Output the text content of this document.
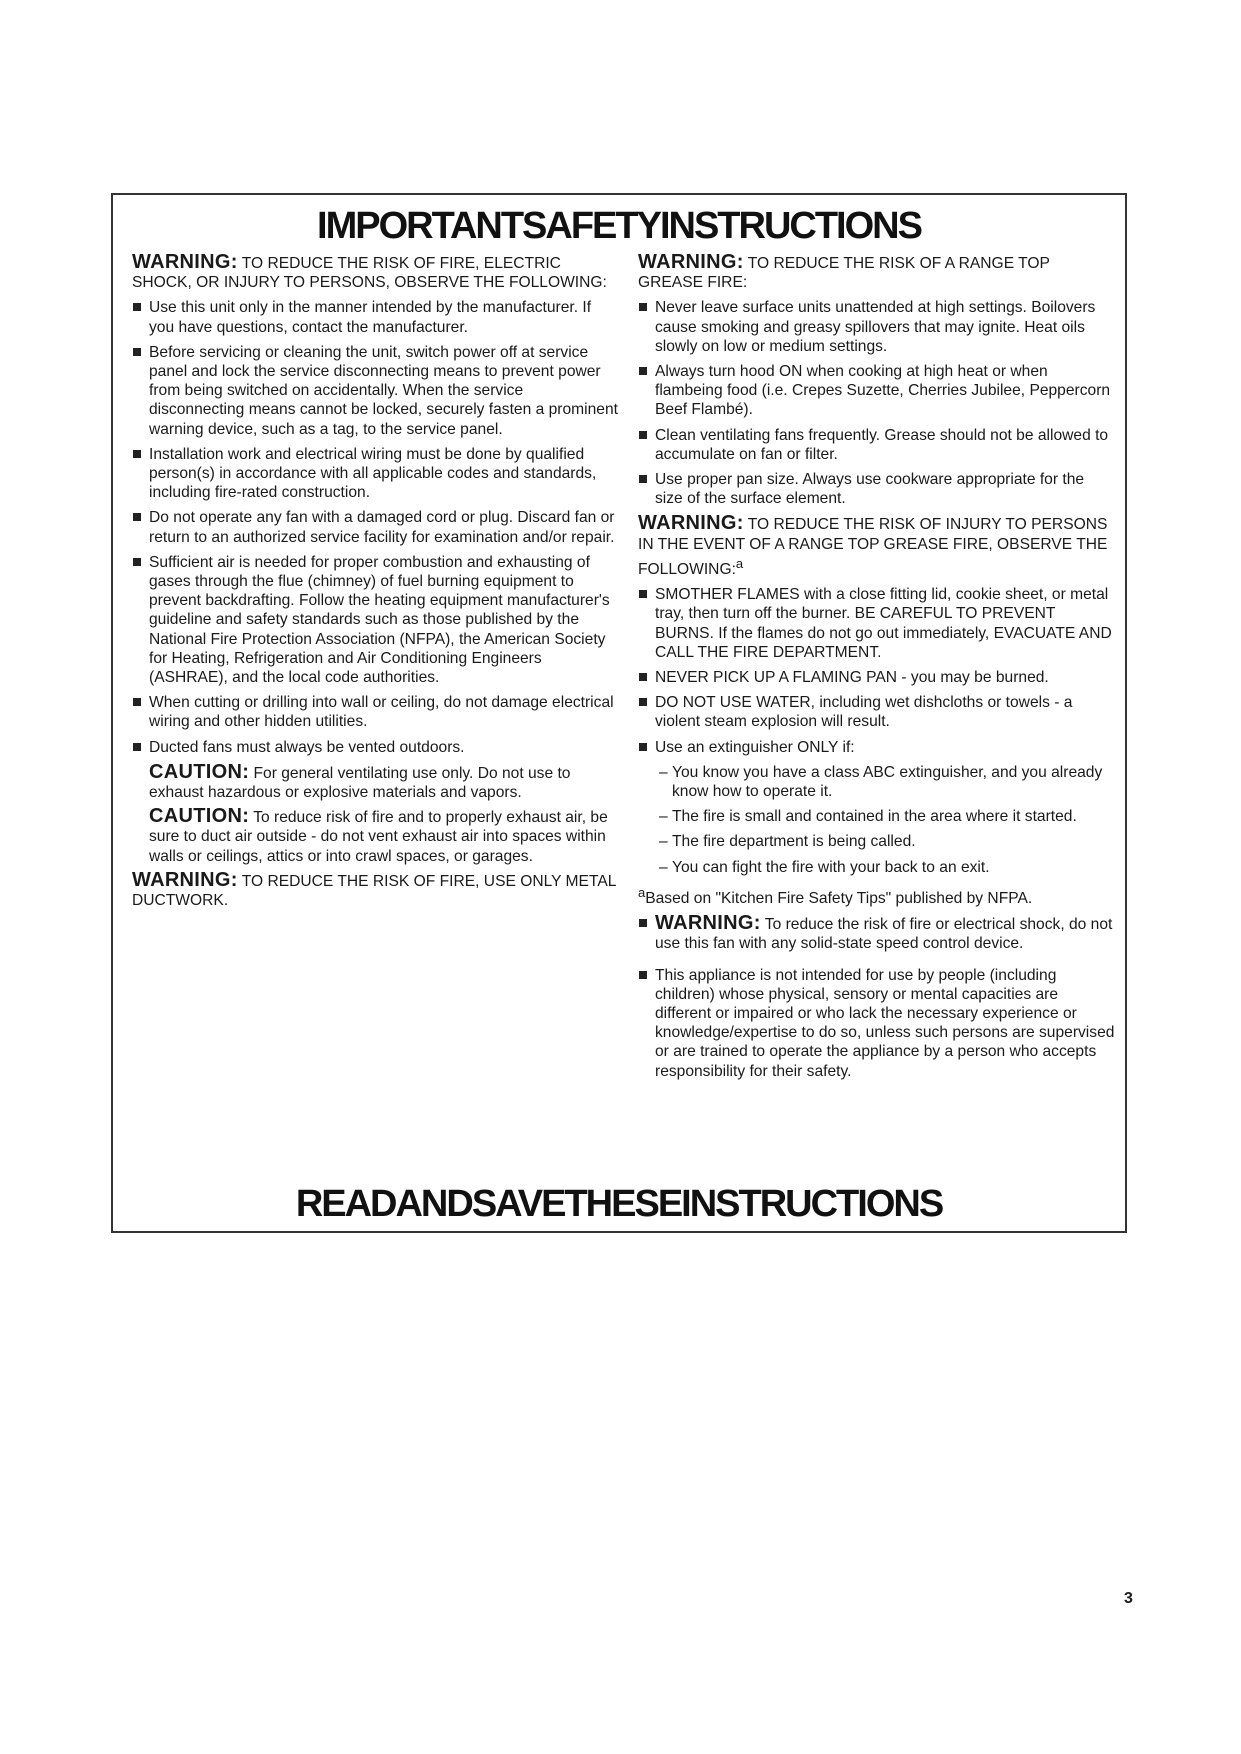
IMPORTANTSAFETYINSTRUCTIONS

WARNING: TO REDUCE THE RISK OF FIRE, ELECTRIC SHOCK, OR INJURY TO PERSONS, OBSERVE THE FOLLOWING:

Use this unit only in the manner intended by the manufacturer. If you have questions, contact the manufacturer.

Before servicing or cleaning the unit, switch power off at service panel and lock the service disconnecting means to prevent power from being switched on accidentally. When the service disconnecting means cannot be locked, securely fasten a prominent warning device, such as a tag, to the service panel.

Installation work and electrical wiring must be done by qualified person(s) in accordance with all applicable codes and standards, including fire-rated construction.

Do not operate any fan with a damaged cord or plug. Discard fan or return to an authorized service facility for examination and/or repair.

Sufficient air is needed for proper combustion and exhausting of gases through the flue (chimney) of fuel burning equipment to prevent backdrafting. Follow the heating equipment manufacturer's guideline and safety standards such as those published by the National Fire Protection Association (NFPA), the American Society for Heating, Refrigeration and Air Conditioning Engineers (ASHRAE), and the local code authorities.

When cutting or drilling into wall or ceiling, do not damage electrical wiring and other hidden utilities.

Ducted fans must always be vented outdoors.

CAUTION: For general ventilating use only. Do not use to exhaust hazardous or explosive materials and vapors.

CAUTION: To reduce risk of fire and to properly exhaust air, be sure to duct air outside - do not vent exhaust air into spaces within walls or ceilings, attics or into crawl spaces, or garages.

WARNING: TO REDUCE THE RISK OF FIRE, USE ONLY METAL DUCTWORK.

WARNING: TO REDUCE THE RISK OF A RANGE TOP GREASE FIRE:

Never leave surface units unattended at high settings. Boilovers cause smoking and greasy spillovers that may ignite. Heat oils slowly on low or medium settings.

Always turn hood ON when cooking at high heat or when flambeing food (i.e. Crepes Suzette, Cherries Jubilee, Peppercorn Beef Flambé).

Clean ventilating fans frequently. Grease should not be allowed to accumulate on fan or filter.

Use proper pan size. Always use cookware appropriate for the size of the surface element.

WARNING: TO REDUCE THE RISK OF INJURY TO PERSONS IN THE EVENT OF A RANGE TOP GREASE FIRE, OBSERVE THE FOLLOWING:$^a$

SMOTHER FLAMES with a close fitting lid, cookie sheet, or metal tray, then turn off the burner. BE CAREFUL TO PREVENT BURNS. If the flames do not go out immediately, EVACUATE AND CALL THE FIRE DEPARTMENT.

NEVER PICK UP A FLAMING PAN - you may be burned.

DO NOT USE WATER, including wet dishcloths or towels - a violent steam explosion will result.

Use an extinguisher ONLY if:

– You know you have a class ABC extinguisher, and you already know how to operate it.

– The fire is small and contained in the area where it started.

– The fire department is being called.

– You can fight the fire with your back to an exit.

$^a$Based on "Kitchen Fire Safety Tips" published by NFPA.

WARNING: To reduce the risk of fire or electrical shock, do not use this fan with any solid-state speed control device.

This appliance is not intended for use by people (including children) whose physical, sensory or mental capacities are different or impaired or who lack the necessary experience or knowledge/expertise to do so, unless such persons are supervised or are trained to operate the appliance by a person who accepts responsibility for their safety.

READANDSAVETHESEINSTRUCTIONS
3
